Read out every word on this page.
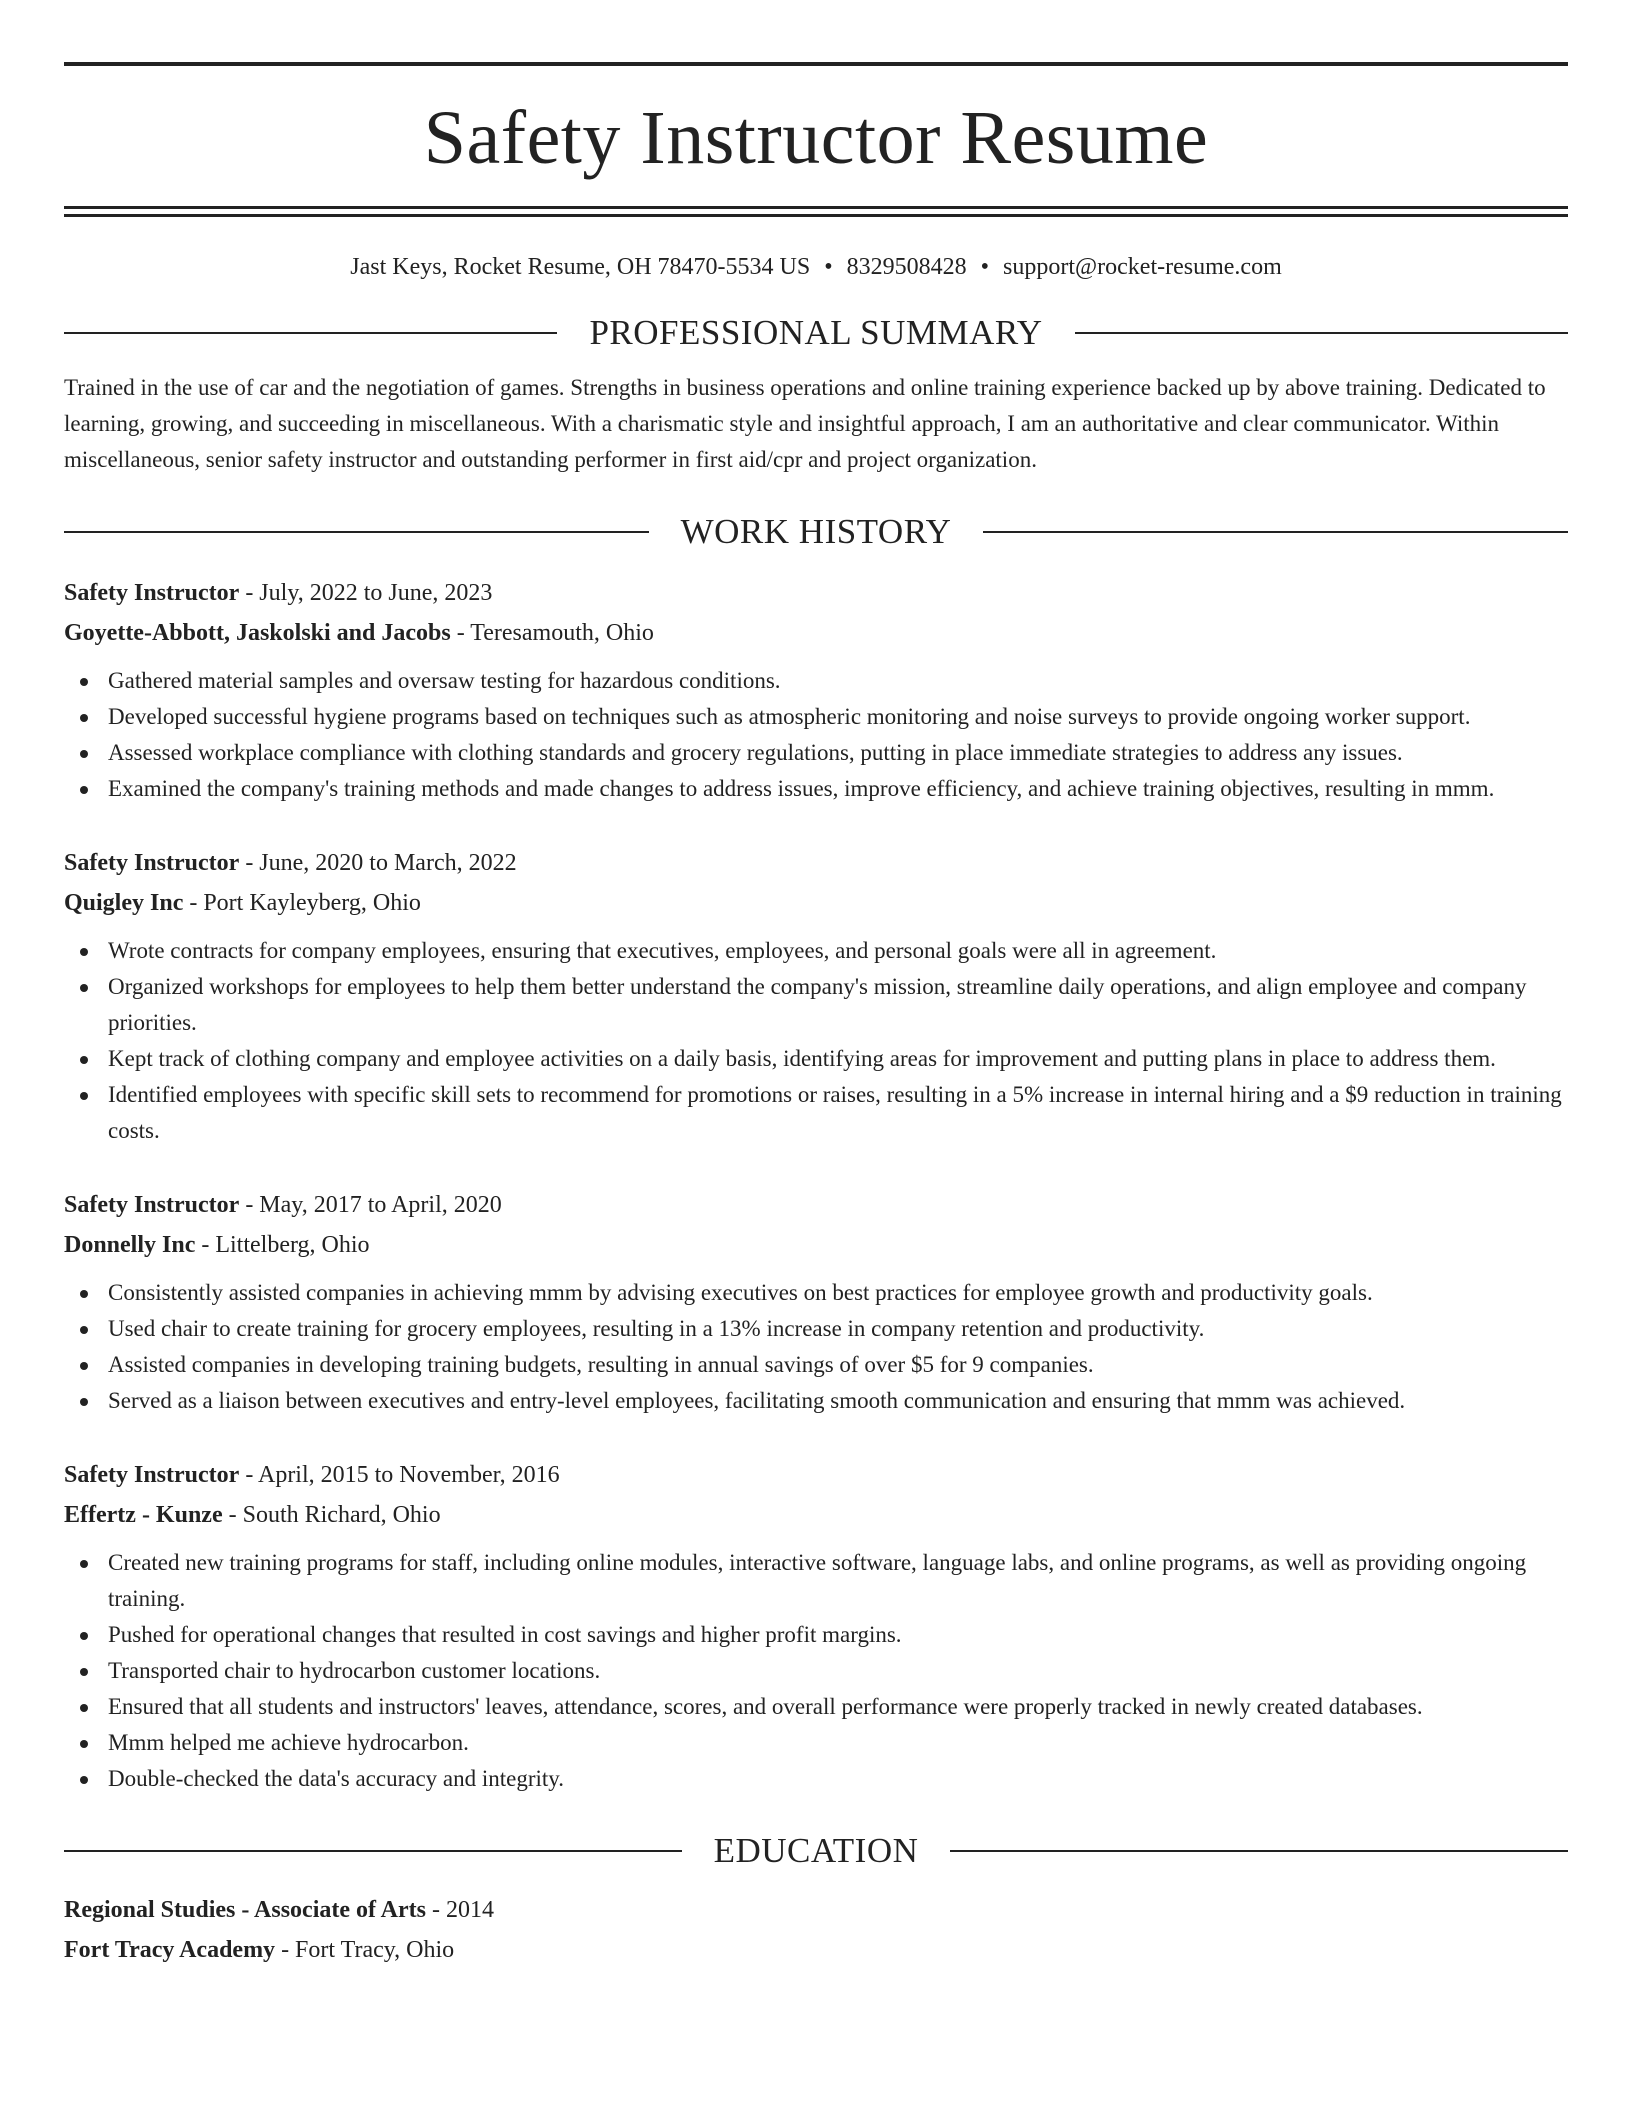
Safety Instructor Resume
Jast Keys, Rocket Resume, OH 78470-5534 US • 8329508428 • support@rocket-resume.com
PROFESSIONAL SUMMARY

Trained in the use of car and the negotiation of games. Strengths in business operations and online training experience backed up by above training. Dedicated to learning, growing, and succeeding in miscellaneous. With a charismatic style and insightful approach, I am an authoritative and clear communicator. Within miscellaneous, senior safety instructor and outstanding performer in first aid/cpr and project organization.

WORK HISTORY
Safety Instructor - July, 2022 to June, 2023
Goyette-Abbott, Jaskolski and Jacobs - Teresamouth, Ohio
Gathered material samples and oversaw testing for hazardous conditions.
Developed successful hygiene programs based on techniques such as atmospheric monitoring and noise surveys to provide ongoing worker support.
Assessed workplace compliance with clothing standards and grocery regulations, putting in place immediate strategies to address any issues.
Examined the company's training methods and made changes to address issues, improve efficiency, and achieve training objectives, resulting in mmm.
Safety Instructor - June, 2020 to March, 2022
Quigley Inc - Port Kayleyberg, Ohio
Wrote contracts for company employees, ensuring that executives, employees, and personal goals were all in agreement.
Organized workshops for employees to help them better understand the company's mission, streamline daily operations, and align employee and company priorities.
Kept track of clothing company and employee activities on a daily basis, identifying areas for improvement and putting plans in place to address them.
Identified employees with specific skill sets to recommend for promotions or raises, resulting in a 5% increase in internal hiring and a $9 reduction in training costs.
Safety Instructor - May, 2017 to April, 2020
Donnelly Inc - Littelberg, Ohio
Consistently assisted companies in achieving mmm by advising executives on best practices for employee growth and productivity goals.
Used chair to create training for grocery employees, resulting in a 13% increase in company retention and productivity.
Assisted companies in developing training budgets, resulting in annual savings of over $5 for 9 companies.
Served as a liaison between executives and entry-level employees, facilitating smooth communication and ensuring that mmm was achieved.
Safety Instructor - April, 2015 to November, 2016
Effertz - Kunze - South Richard, Ohio
Created new training programs for staff, including online modules, interactive software, language labs, and online programs, as well as providing ongoing training.
Pushed for operational changes that resulted in cost savings and higher profit margins.
Transported chair to hydrocarbon customer locations.
Ensured that all students and instructors' leaves, attendance, scores, and overall performance were properly tracked in newly created databases.
Mmm helped me achieve hydrocarbon.
Double-checked the data's accuracy and integrity.
EDUCATION
Regional Studies - Associate of Arts - 2014
Fort Tracy Academy - Fort Tracy, Ohio
